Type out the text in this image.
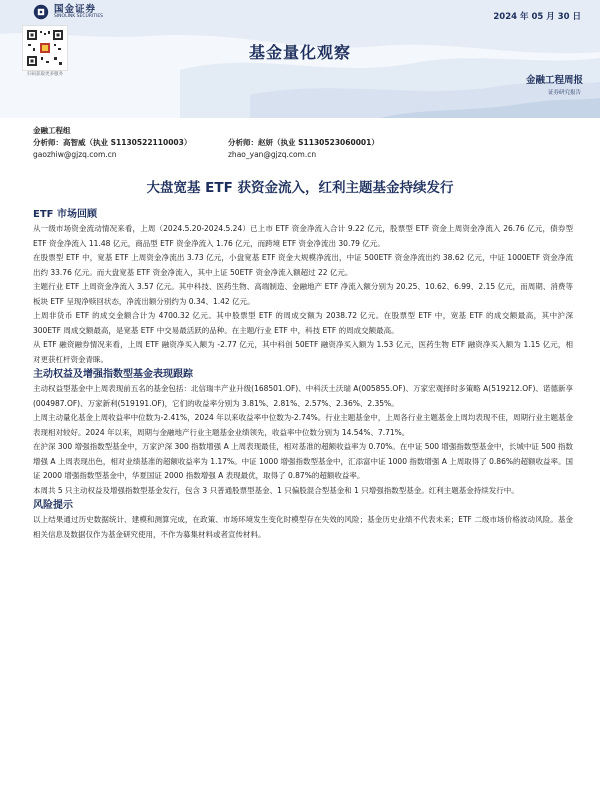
国金证券
SINOLINK SECURITIES	2024 年 05 月 30 日
扫码获取更多服务
基金量化观察
金融工程周报
证券研究报告
金融工程组
分析师：高智威（执业 S1130522110003）	分析师：赵妍（执业 S1130523060001）
gaozhiw@gjzq.com.cn	zhao_yan@gjzq.com.cn
大盘宽基 ETF 获资金流入，红利主题基金持续发行
ETF 市场回顾

从一级市场资金流动情况来看，上周（2024.5.20-2024.5.24）已上市 ETF 资金净流入合计 9.22 亿元，股票型 ETF 资金上周资金净流入 26.76 亿元，债券型 ETF 资金净流入 11.48 亿元，商品型 ETF 资金净流入 1.76 亿元，而跨境 ETF 资金净流出 30.79 亿元。

在股票型 ETF 中，宽基 ETF 上周资金净流出 3.73 亿元，小盘宽基 ETF 资金大规模净流出，中证 500ETF 资金净流出约 38.62 亿元，中证 1000ETF 资金净流出约 33.76 亿元。而大盘宽基 ETF 资金净流入，其中上证 50ETF 资金净流入额超过 22 亿元。

主题行业 ETF 上周资金净流入 3.57 亿元。其中科技、医药生物、高端制造、金融地产 ETF 净流入额分别为 20.25、10.62、6.99、2.15 亿元，而周期、消费等板块 ETF 呈现净赎回状态，净流出额分别约为 0.34、1.42 亿元。

上周非货币 ETF 的成交金额合计为 4700.32 亿元。其中股票型 ETF 的周成交额为 2038.72 亿元。在股票型 ETF 中，宽基 ETF 的成交额最高，其中沪深 300ETF 周成交额最高，是宽基 ETF 中交易最活跃的品种。在主题/行业 ETF 中，科技 ETF 的周成交额最高。

从 ETF 融资融券情况来看，上周 ETF 融资净买入额为 -2.77 亿元，其中科创 50ETF 融资净买入额为 1.53 亿元，医药生物 ETF 融资净买入额为 1.15 亿元，相对更获杠杆资金青睐。

主动权益及增强指数型基金表现跟踪

主动权益型基金中上周表现前五名的基金包括：北信瑞丰产业升级(168501.OF)、中科沃土沃瑞 A(005855.OF)、万家宏观择时多策略 A(519212.OF)、诺德新享(004987.OF)、万家新利(519191.OF)，它们的收益率分别为 3.81%、2.81%、2.57%、2.36%、2.35%。

上周主动量化基金上周收益率中位数为-2.41%，2024 年以来收益率中位数为-2.74%。行业主题基金中，上周各行业主题基金上周均表现不佳，周期行业主题基金表现相对较好。2024 年以来，周期与金融地产行业主题基金业绩领先，收益率中位数分别为 14.54%、7.71%。

在沪深 300 增强指数型基金中，万家沪深 300 指数增强 A 上周表现最佳，相对基准的超额收益率为 0.70%。在中证 500 增强指数型基金中，长城中证 500 指数增强 A 上周表现出色，相对业绩基准的超额收益率为 1.17%。中证 1000 增强指数型基金中，汇添富中证 1000 指数增强 A 上周取得了 0.86%的超额收益率。国证 2000 增强指数型基金中，华夏国证 2000 指数增强 A 表现最优，取得了 0.87%的超额收益率。

本周共 5 只主动权益及增强指数型基金发行，包含 3 只普通股票型基金、1 只偏股混合型基金和 1 只增强指数型基金。红利主题基金持续发行中。

风险提示

以上结果通过历史数据统计、建模和测算完成，在政策、市场环境发生变化时模型存在失效的风险；基金历史业绩不代表未来；ETF 二级市场价格波动风险。基金相关信息及数据仅作为基金研究使用，不作为募集材料或者宣传材料。
